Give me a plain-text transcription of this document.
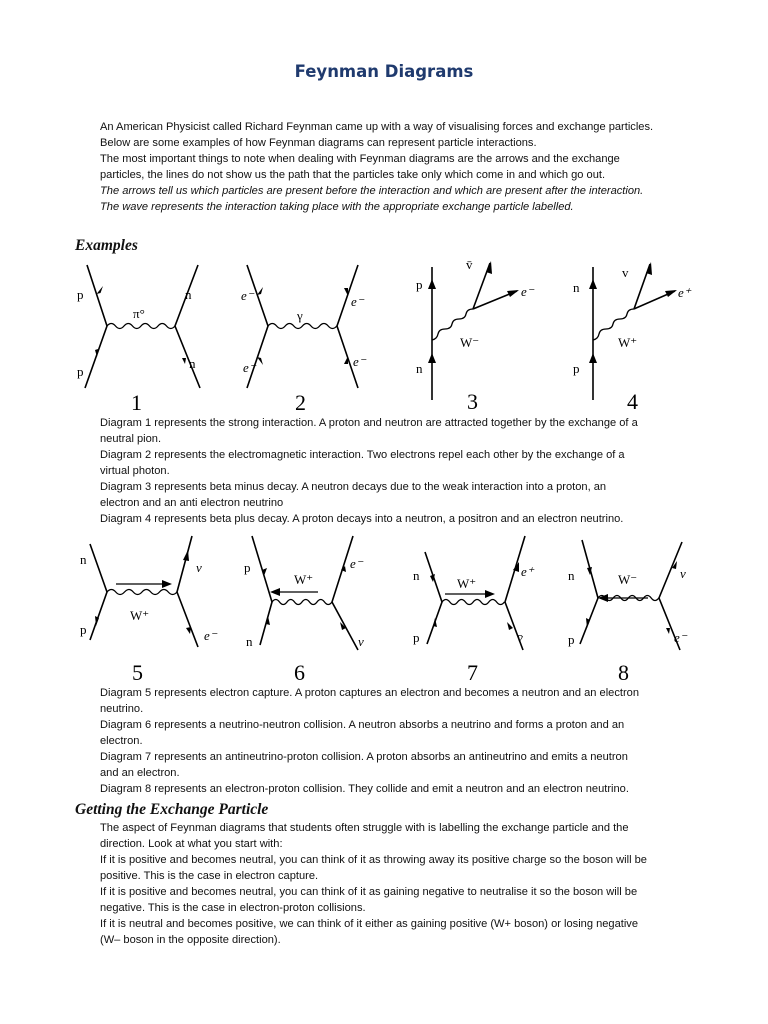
Feynman Diagrams

An American Physicist called Richard Feynman came up with a way of visualising forces and exchange particles.

Below are some examples of how Feynman diagrams can represent particle interactions.

The most important things to note when dealing with Feynman diagrams are the arrows and the exchange

particles, the lines do not show us the path that the particles take only which come in and which go out.

The arrows tell us which particles are present before the interaction and which are present after the interaction.

The wave represents the interaction taking place with the appropriate exchange particle labelled.

Examples
p	n
p
n
π°
1
e⁻	e⁻
e⁻	e⁻
γ
2
p
n
v̄
e⁻
W⁻
3
n
p
v
e⁺
W⁺
4

Diagram 1 represents the strong interaction. A proton and neutron are attracted together by the exchange of a

neutral pion.

Diagram 2 represents the electromagnetic interaction. Two electrons repel each other by the exchange of a

virtual photon.

Diagram 3 represents beta minus decay. A neutron decays due to the weak interaction into a proton, an

electron and an anti electron neutrino

Diagram 4 represents beta plus decay. A proton decays into a neutron, a positron and an electron neutrino.

n
v
p	e⁻
W⁺
5
p	e⁻
n	v
W⁺
6
n	e⁺
p	v̄
W⁺
7
n	v
p	e⁻
W⁻
8

Diagram 5 represents electron capture. A proton captures an electron and becomes a neutron and an electron

neutrino.

Diagram 6 represents a neutrino-neutron collision. A neutron absorbs a neutrino and forms a proton and an

electron.

Diagram 7 represents an antineutrino-proton collision. A proton absorbs an antineutrino and emits a neutron

and an electron.

Diagram 8 represents an electron-proton collision. They collide and emit a neutron and an electron neutrino.

Getting the Exchange Particle

The aspect of Feynman diagrams that students often struggle with is labelling the exchange particle and the

direction. Look at what you start with:

If it is positive and becomes neutral, you can think of it as throwing away its positive charge so the boson will be

positive. This is the case in electron capture.

If it is positive and becomes neutral, you can think of it as gaining negative to neutralise it so the boson will be

negative. This is the case in electron-proton collisions.

If it is neutral and becomes positive, we can think of it either as gaining positive (W+ boson) or losing negative

(W– boson in the opposite direction).
